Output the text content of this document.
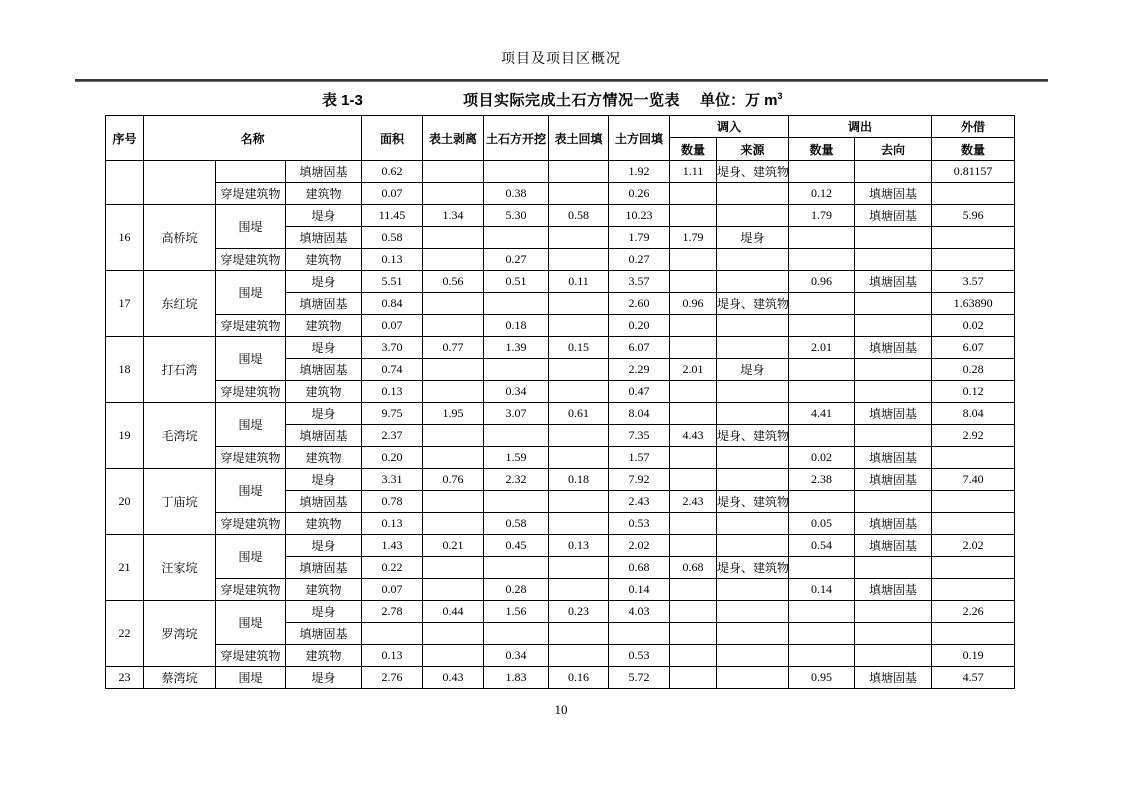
项目及项目区概况
表 1-3	项目实际完成土石方情况一览表 单位：万 $m^3$
序号	名称			面积	表土剥离	土石方开挖	表土回填	土方回填	调入		调出		外借
									数量	来源	数量	去向	数量
			填塘固基	0.62				1.92	1.11	堤身、建筑物			0.81157
		穿堤建筑物	建筑物	0.07		0.38		0.26			0.12	填塘固基	
16	高桥垸	围堤	堤身	11.45	1.34	5.30	0.58	10.23			1.79	填塘固基	5.96
			填塘固基	0.58				1.79	1.79	堤身			
		穿堤建筑物	建筑物	0.13		0.27		0.27					
17	东红垸	围堤	堤身	5.51	0.56	0.51	0.11	3.57			0.96	填塘固基	3.57
			填塘固基	0.84				2.60	0.96	堤身、建筑物			1.63890
		穿堤建筑物	建筑物	0.07		0.18		0.20					0.02
18	打石湾	围堤	堤身	3.70	0.77	1.39	0.15	6.07			2.01	填塘固基	6.07
			填塘固基	0.74				2.29	2.01	堤身			0.28
		穿堤建筑物	建筑物	0.13		0.34		0.47					0.12
19	毛湾垸	围堤	堤身	9.75	1.95	3.07	0.61	8.04			4.41	填塘固基	8.04
			填塘固基	2.37				7.35	4.43	堤身、建筑物			2.92
		穿堤建筑物	建筑物	0.20		1.59		1.57			0.02	填塘固基	
20	丁庙垸	围堤	堤身	3.31	0.76	2.32	0.18	7.92			2.38	填塘固基	7.40
			填塘固基	0.78				2.43	2.43	堤身、建筑物			
		穿堤建筑物	建筑物	0.13		0.58		0.53			0.05	填塘固基	
21	汪家垸	围堤	堤身	1.43	0.21	0.45	0.13	2.02			0.54	填塘固基	2.02
			填塘固基	0.22				0.68	0.68	堤身、建筑物			
		穿堤建筑物	建筑物	0.07		0.28		0.14			0.14	填塘固基	
22	罗湾垸	围堤	堤身	2.78	0.44	1.56	0.23	4.03					2.26
			填塘固基										
		穿堤建筑物	建筑物	0.13		0.34		0.53					0.19
23	蔡湾垸	围堤	堤身	2.76	0.43	1.83	0.16	5.72			0.95	填塘固基	4.57
10
